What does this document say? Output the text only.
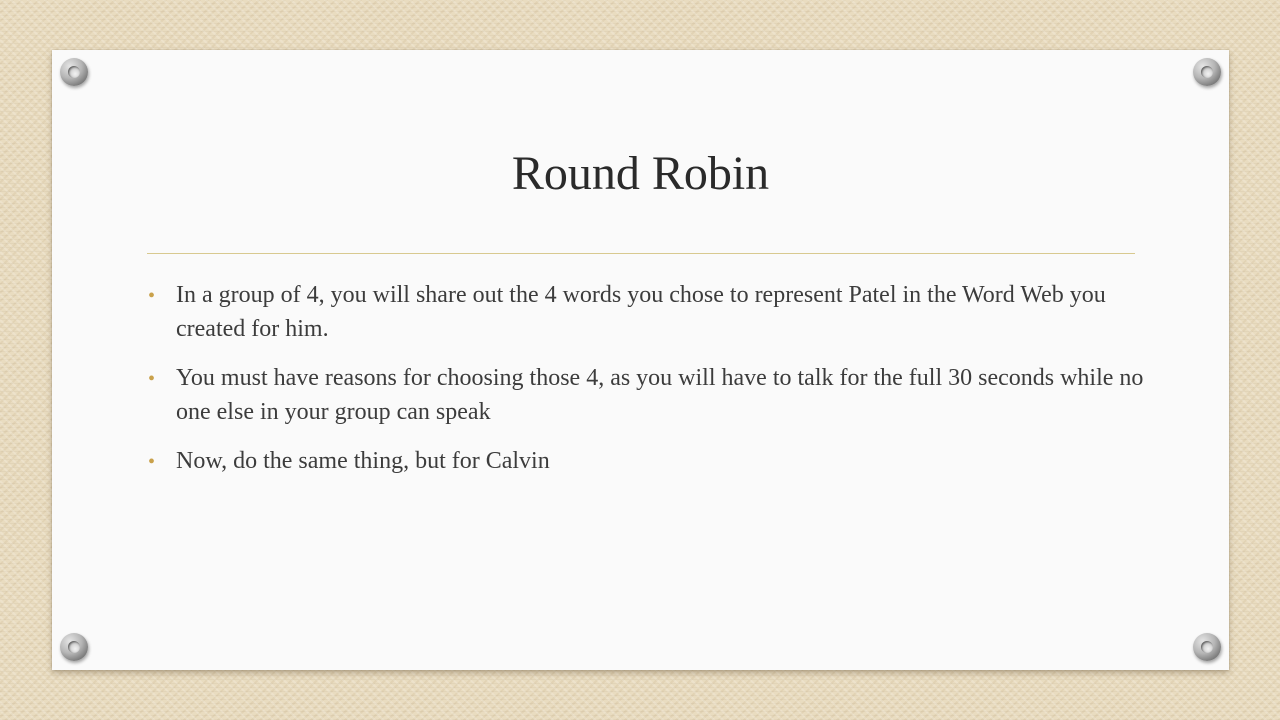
Round Robin
• In a group of 4, you will share out the 4 words you chose to represent Patel in the Word Web you created for him.
• You must have reasons for choosing those 4, as you will have to talk for the full 30 seconds while no one else in your group can speak
• Now, do the same thing, but for Calvin
